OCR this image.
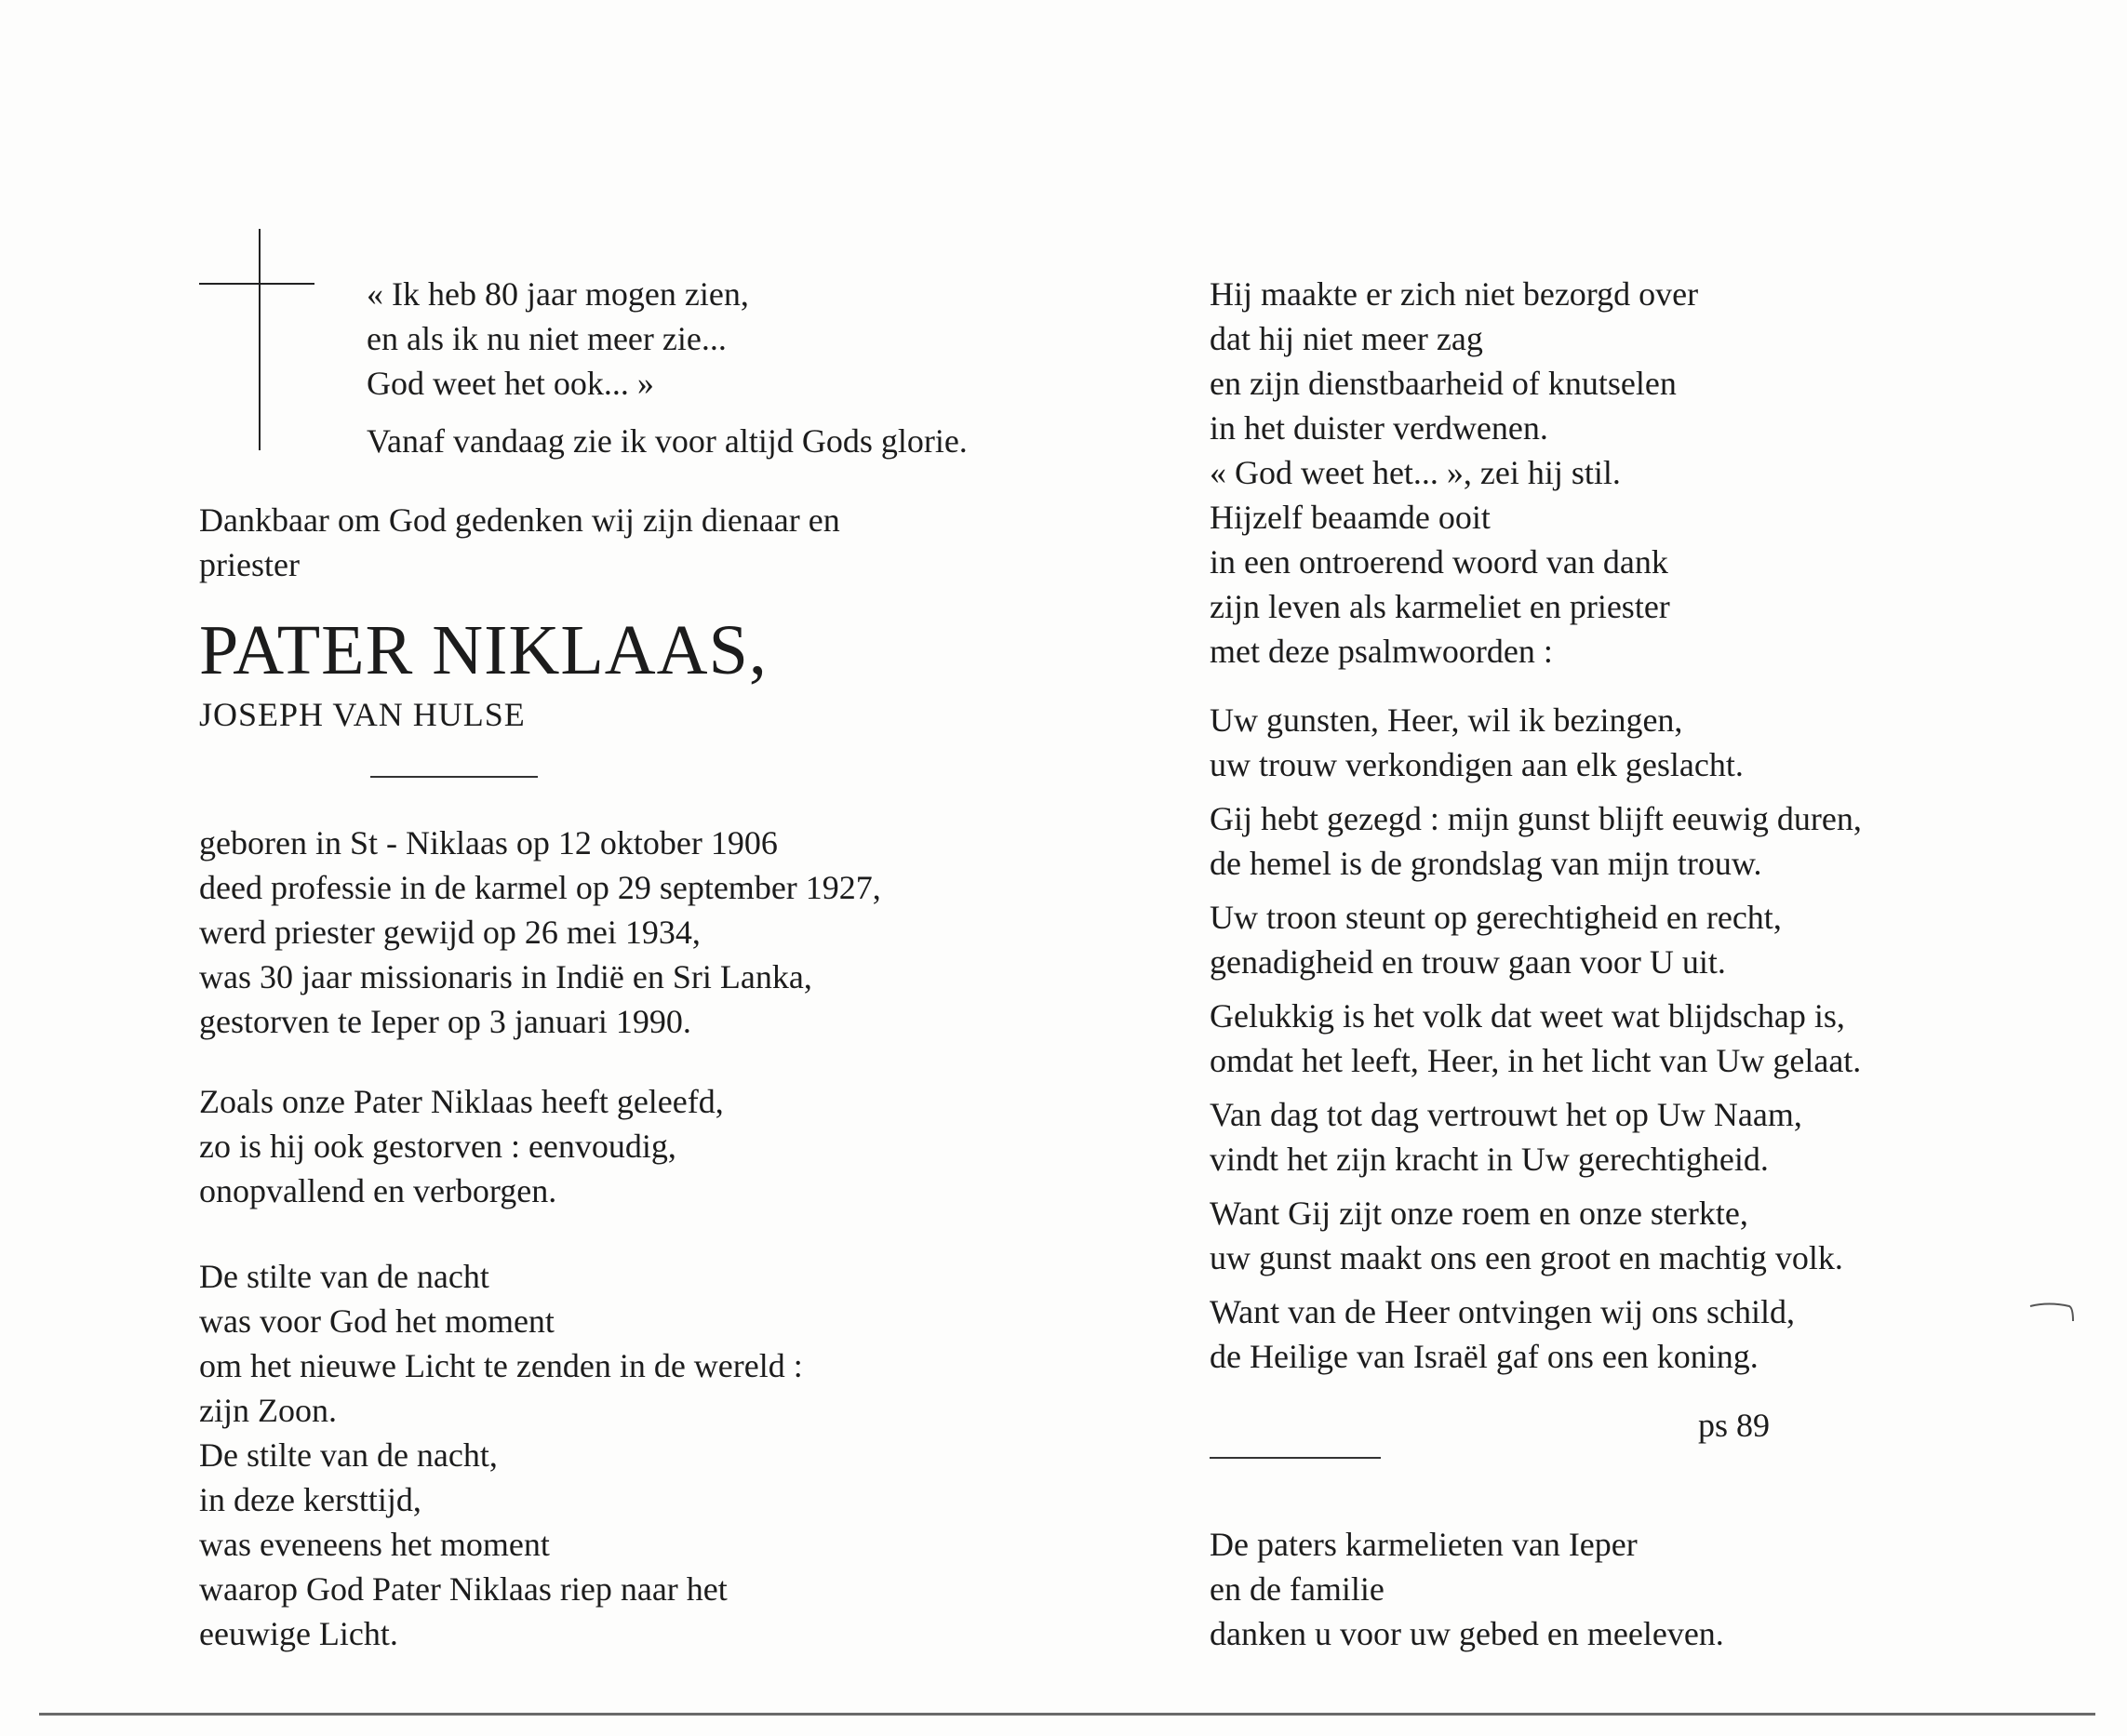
« Ik heb 80 jaar mogen zien,
en als ik nu niet meer zie...
God weet het ook... »
Vanaf vandaag zie ik voor altijd Gods glorie.
Dankbaar om God gedenken wij zijn dienaar en
priester
PATER NIKLAAS,
JOSEPH VAN HULSE
geboren in St - Niklaas op 12 oktober 1906
deed professie in de karmel op 29 september 1927,
werd priester gewijd op 26 mei 1934,
was 30 jaar missionaris in Indië en Sri Lanka,
gestorven te Ieper op 3 januari 1990.
Zoals onze Pater Niklaas heeft geleefd,
zo is hij ook gestorven : eenvoudig,
onopvallend en verborgen.
De stilte van de nacht
was voor God het moment
om het nieuwe Licht te zenden in de wereld :
zijn Zoon.
De stilte van de nacht,
in deze kersttijd,
was eveneens het moment
waarop God Pater Niklaas riep naar het
eeuwige Licht.
Hij maakte er zich niet bezorgd over
dat hij niet meer zag
en zijn dienstbaarheid of knutselen
in het duister verdwenen.
« God weet het... », zei hij stil.
Hijzelf beaamde ooit
in een ontroerend woord van dank
zijn leven als karmeliet en priester
met deze psalmwoorden :
Uw gunsten, Heer, wil ik bezingen,
uw trouw verkondigen aan elk geslacht.
Gij hebt gezegd : mijn gunst blijft eeuwig duren,
de hemel is de grondslag van mijn trouw.
Uw troon steunt op gerechtigheid en recht,
genadigheid en trouw gaan voor U uit.
Gelukkig is het volk dat weet wat blijdschap is,
omdat het leeft, Heer, in het licht van Uw gelaat.
Van dag tot dag vertrouwt het op Uw Naam,
vindt het zijn kracht in Uw gerechtigheid.
Want Gij zijt onze roem en onze sterkte,
uw gunst maakt ons een groot en machtig volk.
Want van de Heer ontvingen wij ons schild,
de Heilige van Israël gaf ons een koning.
ps 89
De paters karmelieten van Ieper
en de familie
danken u voor uw gebed en meeleven.
